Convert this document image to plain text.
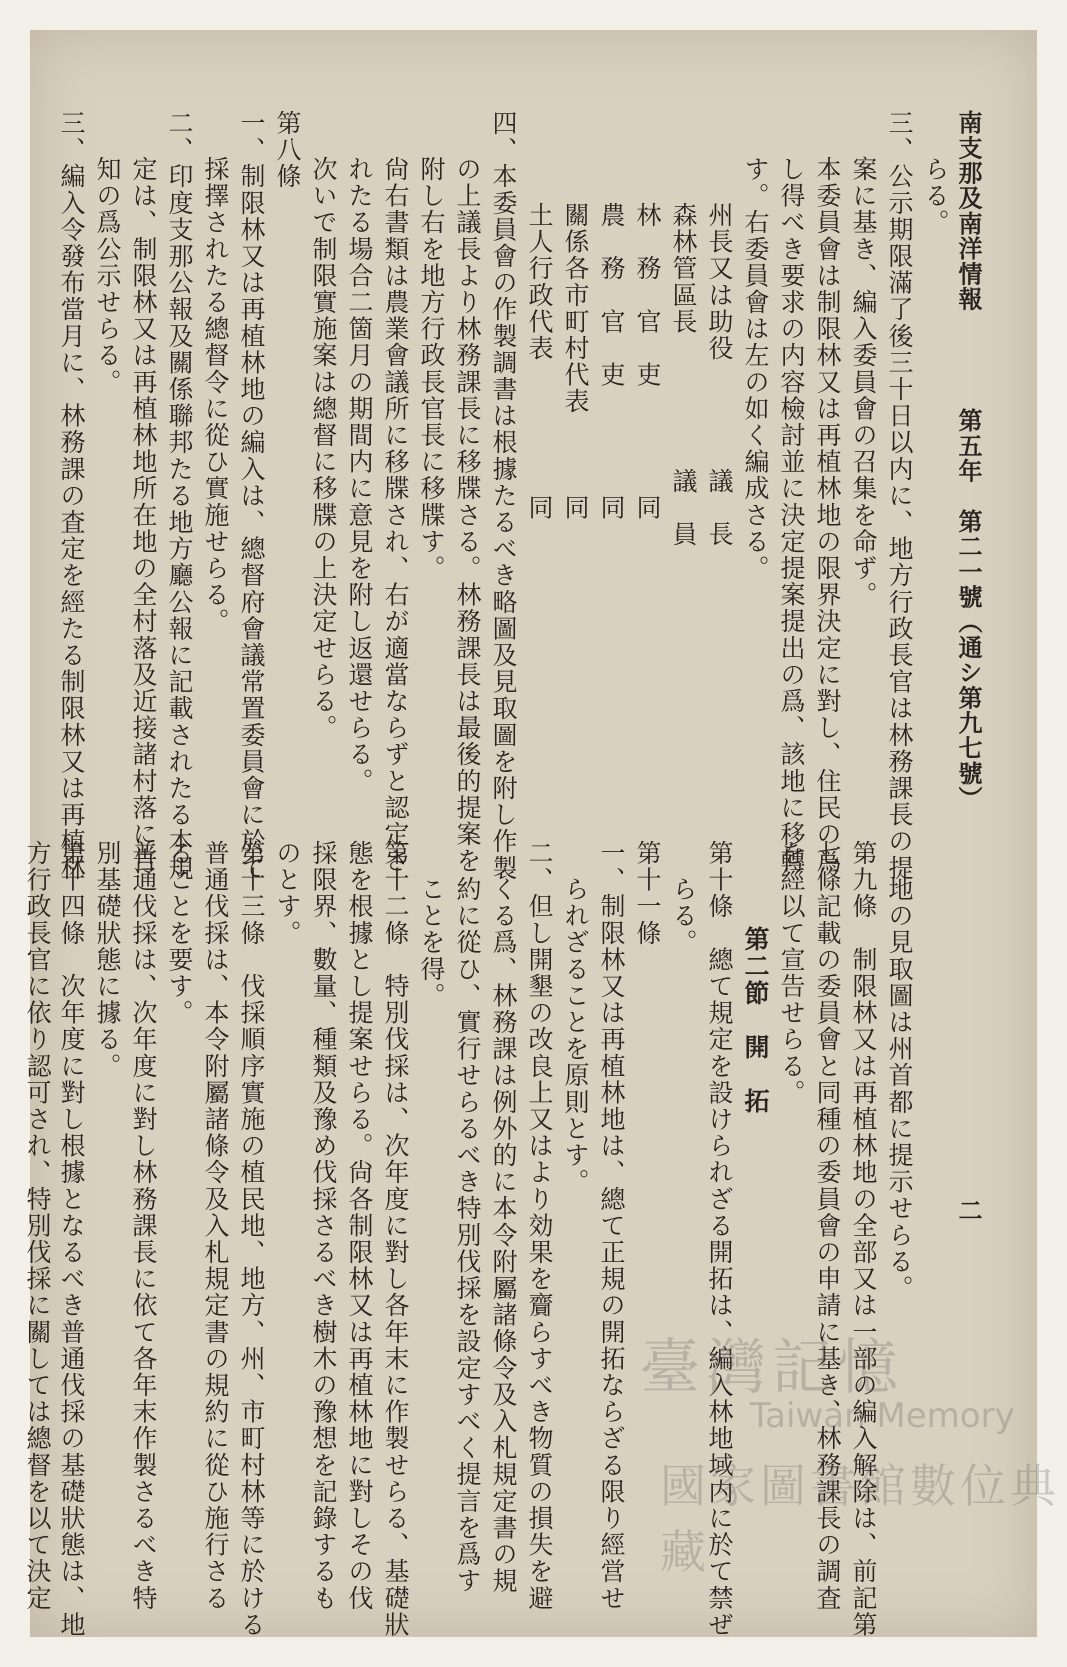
南支那及南洋情報
第五年　第二一號（通シ第九七號）
二
らる。
三、公示期限滿了後三十日以内に、地方行政長官は林務課長の提
案に基き、編入委員會の召集を命ず。
本委員會は制限林又は再植林地の限界決定に對し、住民の爲
し得べき要求の内容檢討並に決定提案提出の爲、該地に移轉
す。右委員會は左の如く編成さる。
州長又は助役　　　　議　長
森林管區長　　　　　議　員
林　務　官　吏　　　　同
農　務　官　吏　　　　同
關係各市町村代表　　　同
土人行政代表　　　　　同
四、本委員會の作製調書は根據たるべき略圖及見取圖を附し作製
の上議長より林務課長に移牒さる。林務課長は最後的提案を
附し右を地方行政長官長に移牒す。
尙右書類は農業會議所に移牒され、右が適當ならずと認定さ
れたる場合二箇月の期間内に意見を附し返還せらる。
次いで制限實施案は總督に移牒の上決定せらる。
第八條
一、制限林又は再植林地の編入は、總督府會議常置委員會に於て
採擇されたる總督令に從ひ實施せらる。
二、印度支那公報及關係聯邦たる地方廳公報に記載されたる本規
定は、制限林又は再植林地所在地の全村落及近接諸村落に告
知の爲公示せらる。
三、編入令發布當月に、林務課の査定を經たる制限林又は再植林
地の見取圖は州首都に提示せらる。
第九條　制限林又は再植林地の全部又は一部の編入解除は、前記第
七條記載の委員會と同種の委員會の申請に基き、林務課長の調査
を經以て宣告せらる。
第二節　開　拓
第十條　總て規定を設けられざる開拓は、編入林地域内に於て禁ぜ
らる。
第十一條
一、制限林又は再植林地は、總て正規の開拓ならざる限り經営せ
られざることを原則とす。
二、但し開墾の改良上又はより効果を齎らすべき物質の損失を避
くる爲、林務課は例外的に本令附屬諸條令及入札規定書の規
約に從ひ、實行せらるべき特別伐採を設定すべく提言を爲す
ことを得。
第十二條　特別伐採は、次年度に對し各年末に作製せらる、基礎狀
態を根據とし提案せらる。尙各制限林又は再植林地に對しその伐
採限界、數量、種類及豫め伐採さるべき樹木の豫想を記錄するも
のとす。
第十三條　伐採順序實施の植民地、地方、州、市町村林等に於ける
普通伐採は、本令附屬諸條令及入札規定書の規約に從ひ施行さる
ることを要す。
普通伐採は、次年度に對し林務課長に依て各年末作製さるべき特
別基礎狀態に據る。
第十四條　次年度に對し根據となるべき普通伐採の基礎狀態は、地
方行政長官に依り認可され、特別伐採に關しては總督を以て決定	臺灣記憶
Taiwan Memory
國家圖書館數位典藏
